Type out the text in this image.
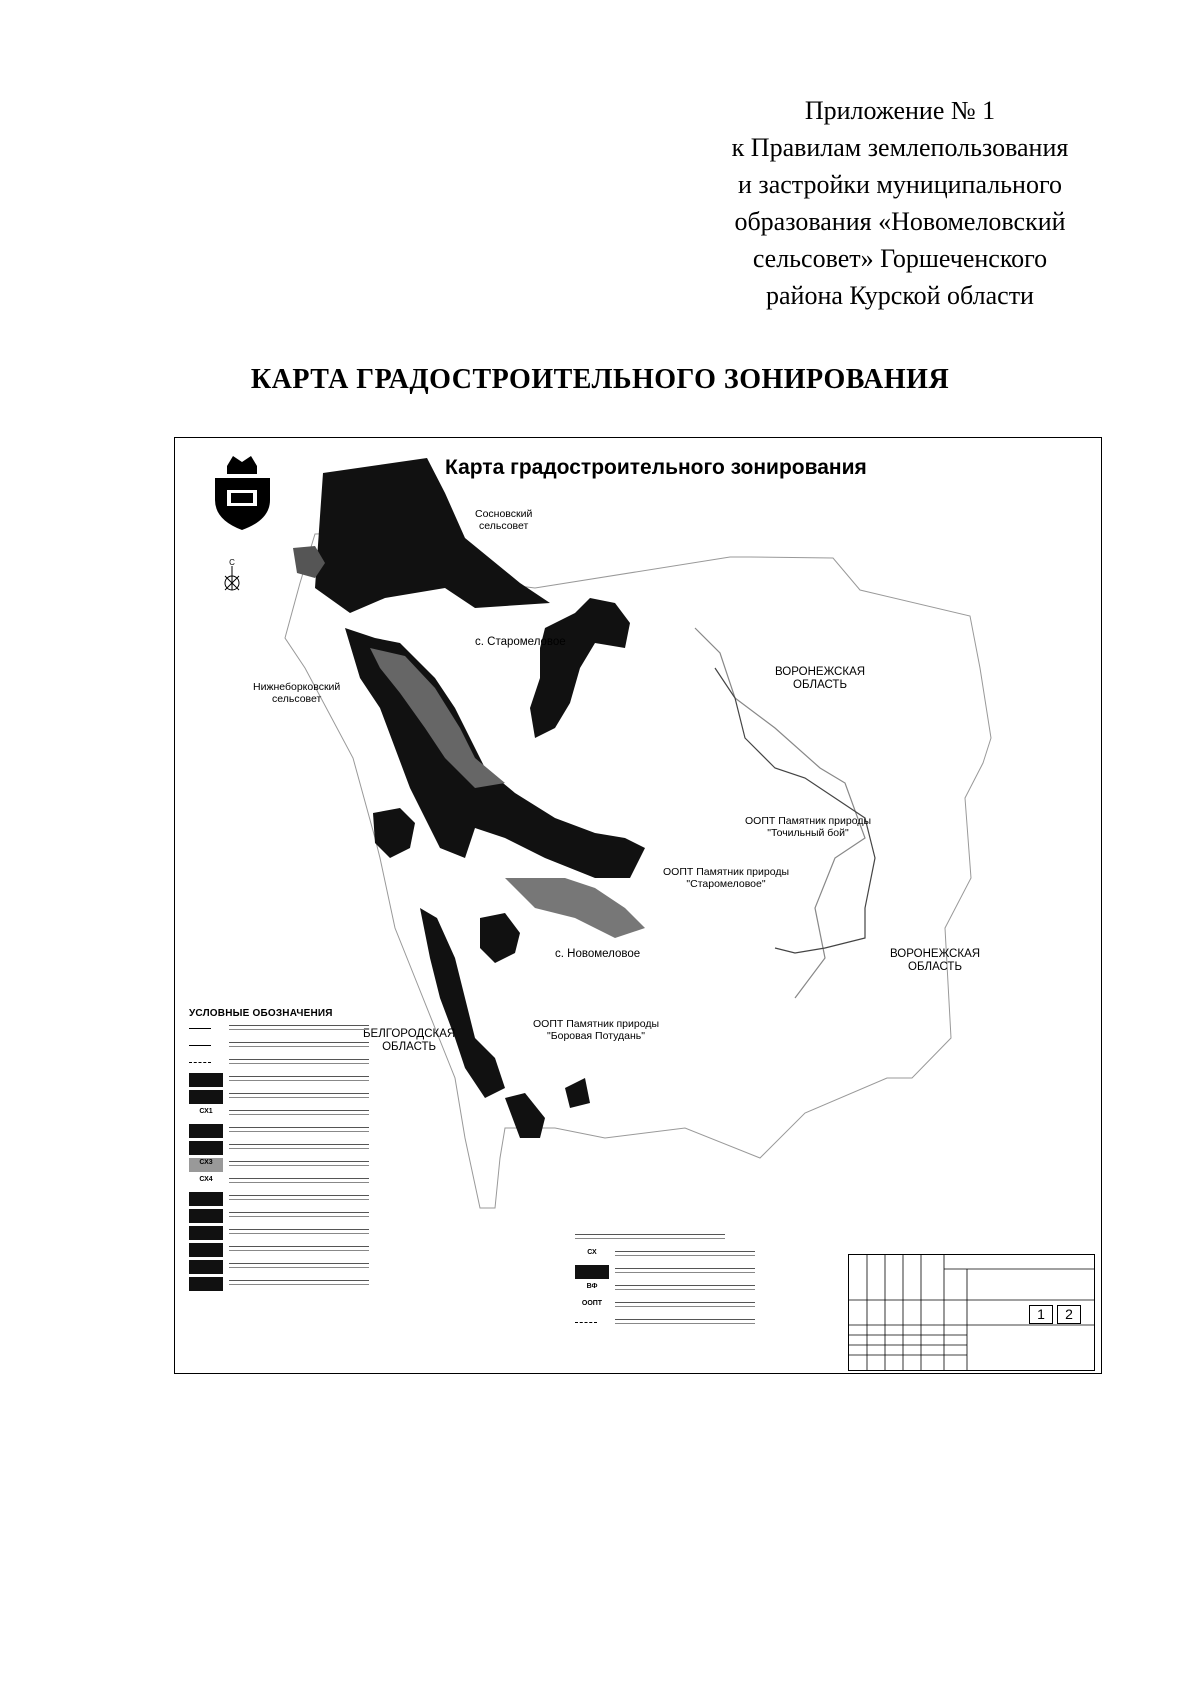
Приложение № 1
к Правилам землепользования
и застройки муниципального
образования «Новомеловский
сельсовет» Горшеченского
района Курской области
КАРТА ГРАДОСТРОИТЕЛЬНОГО ЗОНИРОВАНИЯ
Карта градостроительного зонирования
С
Сосновский
сельсовет
с. Старомеловое
Нижнеборковский
сельсовет
ВОРОНЕЖСКАЯ
ОБЛАСТЬ
ООПТ Памятник природы
"Точильный бой"
ООПТ Памятник природы
"Старомеловое"
с. Новомеловое	ВОРОНЕЖСКАЯ
ОБЛАСТЬ
БЕЛГОРОДСКАЯ
ОБЛАСТЬ
ООПТ Памятник природы
"Боровая Потудань"
УСЛОВНЫЕ ОБОЗНАЧЕНИЯ
СХ1
СХ3
СХ4
СХ
ВФ
ООПТ
1	2
